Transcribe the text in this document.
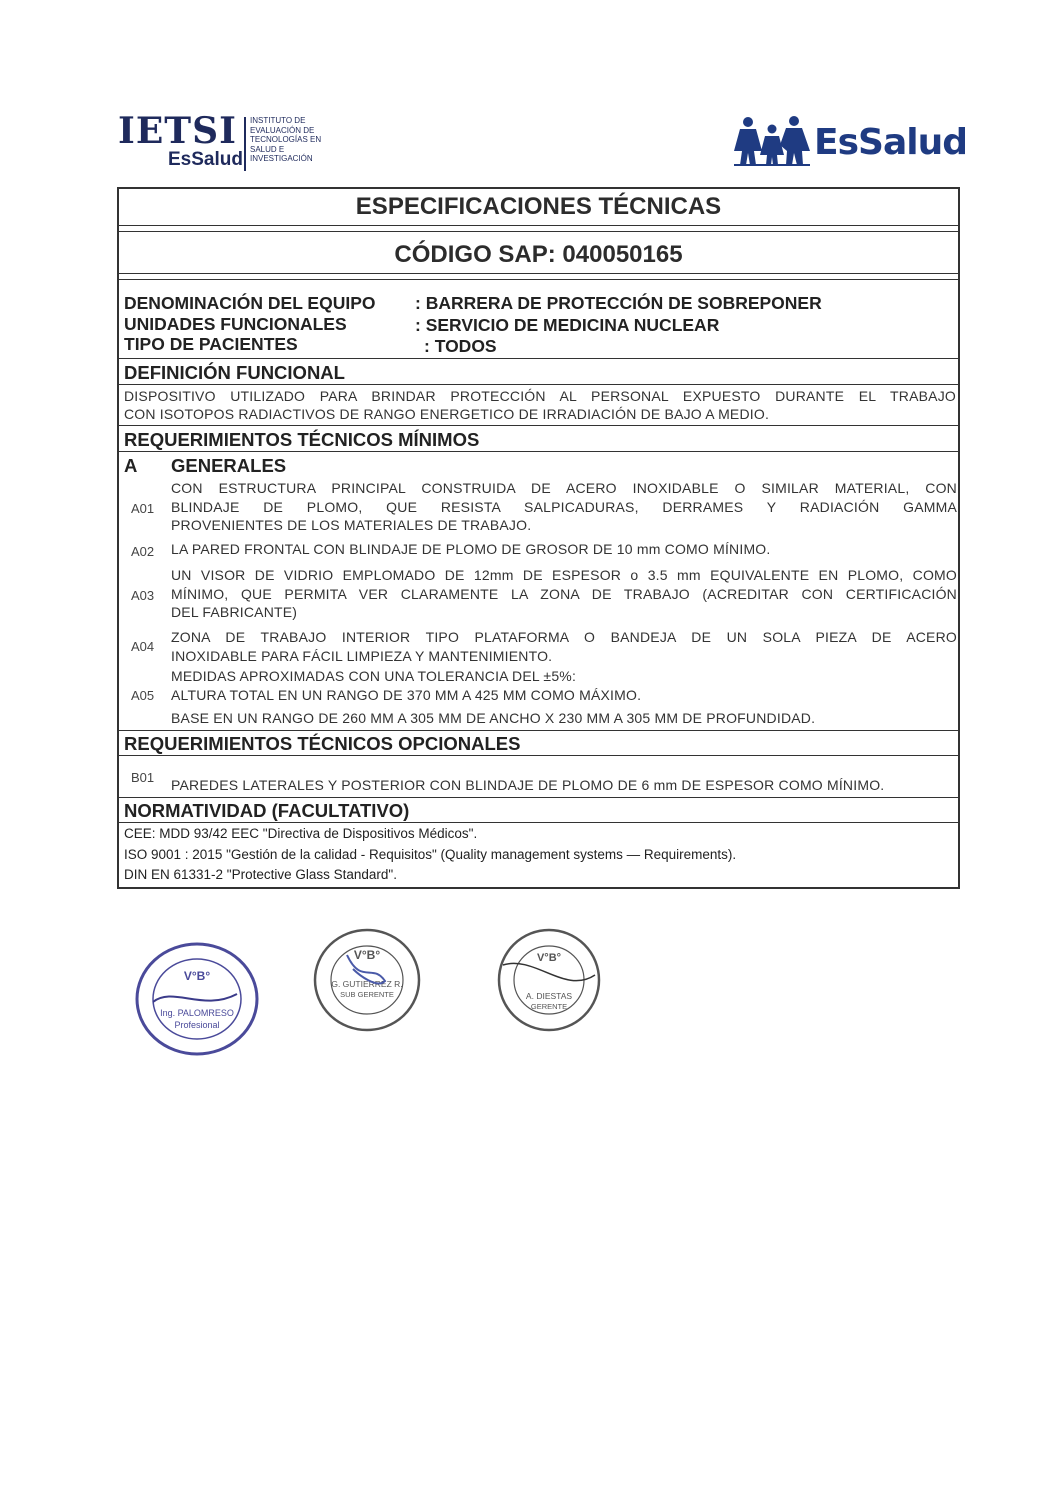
IETSI
EsSalud
INSTITUTO DE
EVALUACIÓN DE
TECNOLOGÍAS EN
SALUD E
INVESTIGACIÓN	EsSalud
ESPECIFICACIONES TÉCNICAS
CÓDIGO SAP: 040050165
DENOMINACIÓN DEL EQUIPO : BARRERA DE PROTECCIÓN DE SOBREPONER
UNIDADES FUNCIONALES	: SERVICIO DE MEDICINA NUCLEAR
TIPO DE PACIENTES	: TODOS
DEFINICIÓN FUNCIONAL
DISPOSITIVO UTILIZADO PARA BRINDAR PROTECCIÓN AL PERSONAL EXPUESTO DURANTE EL TRABAJO
CON ISOTOPOS RADIACTIVOS DE RANGO ENERGETICO DE IRRADIACIÓN DE BAJO A MEDIO.
REQUERIMIENTOS TÉCNICOS MÍNIMOS
A GENERALES
CON ESTRUCTURA PRINCIPAL CONSTRUIDA DE ACERO INOXIDABLE O SIMILAR MATERIAL, CON
A01 BLINDAJE DE PLOMO, QUE RESISTA SALPICADURAS, DERRAMES Y RADIACIÓN GAMMA
PROVENIENTES DE LOS MATERIALES DE TRABAJO.
A02 LA PARED FRONTAL CON BLINDAJE DE PLOMO DE GROSOR DE 10 mm COMO MÍNIMO.
UN VISOR DE VIDRIO EMPLOMADO DE 12mm DE ESPESOR o 3.5 mm EQUIVALENTE EN PLOMO, COMO
A03 MÍNIMO, QUE PERMITA VER CLARAMENTE LA ZONA DE TRABAJO (ACREDITAR CON CERTIFICACIÓN
DEL FABRICANTE)
ZONA DE TRABAJO INTERIOR TIPO PLATAFORMA O BANDEJA DE UN SOLA PIEZA DE ACERO
A04
INOXIDABLE PARA FÁCIL LIMPIEZA Y MANTENIMIENTO.
MEDIDAS APROXIMADAS CON UNA TOLERANCIA DEL ±5%:
A05 ALTURA TOTAL EN UN RANGO DE 370 MM A 425 MM COMO MÁXIMO.
BASE EN UN RANGO DE 260 MM A 305 MM DE ANCHO X 230 MM A 305 MM DE PROFUNDIDAD.
REQUERIMIENTOS TÉCNICOS OPCIONALES
B01 PAREDES LATERALES Y POSTERIOR CON BLINDAJE DE PLOMO DE 6 mm DE ESPESOR COMO MÍNIMO.
NORMATIVIDAD (FACULTATIVO)
CEE: MDD 93/42 EEC "Directiva de Dispositivos Médicos".
ISO 9001 : 2015 "Gestión de la calidad - Requisitos" (Quality management systems — Requirements).
DIN EN 61331-2 "Protective Glass Standard".
V°B°
Ing. PALOMRESO
Profesional
V°B°
G. GUTIERREZ R.
SUB GERENTE
V°B°
A. DIESTAS
GERENTE
